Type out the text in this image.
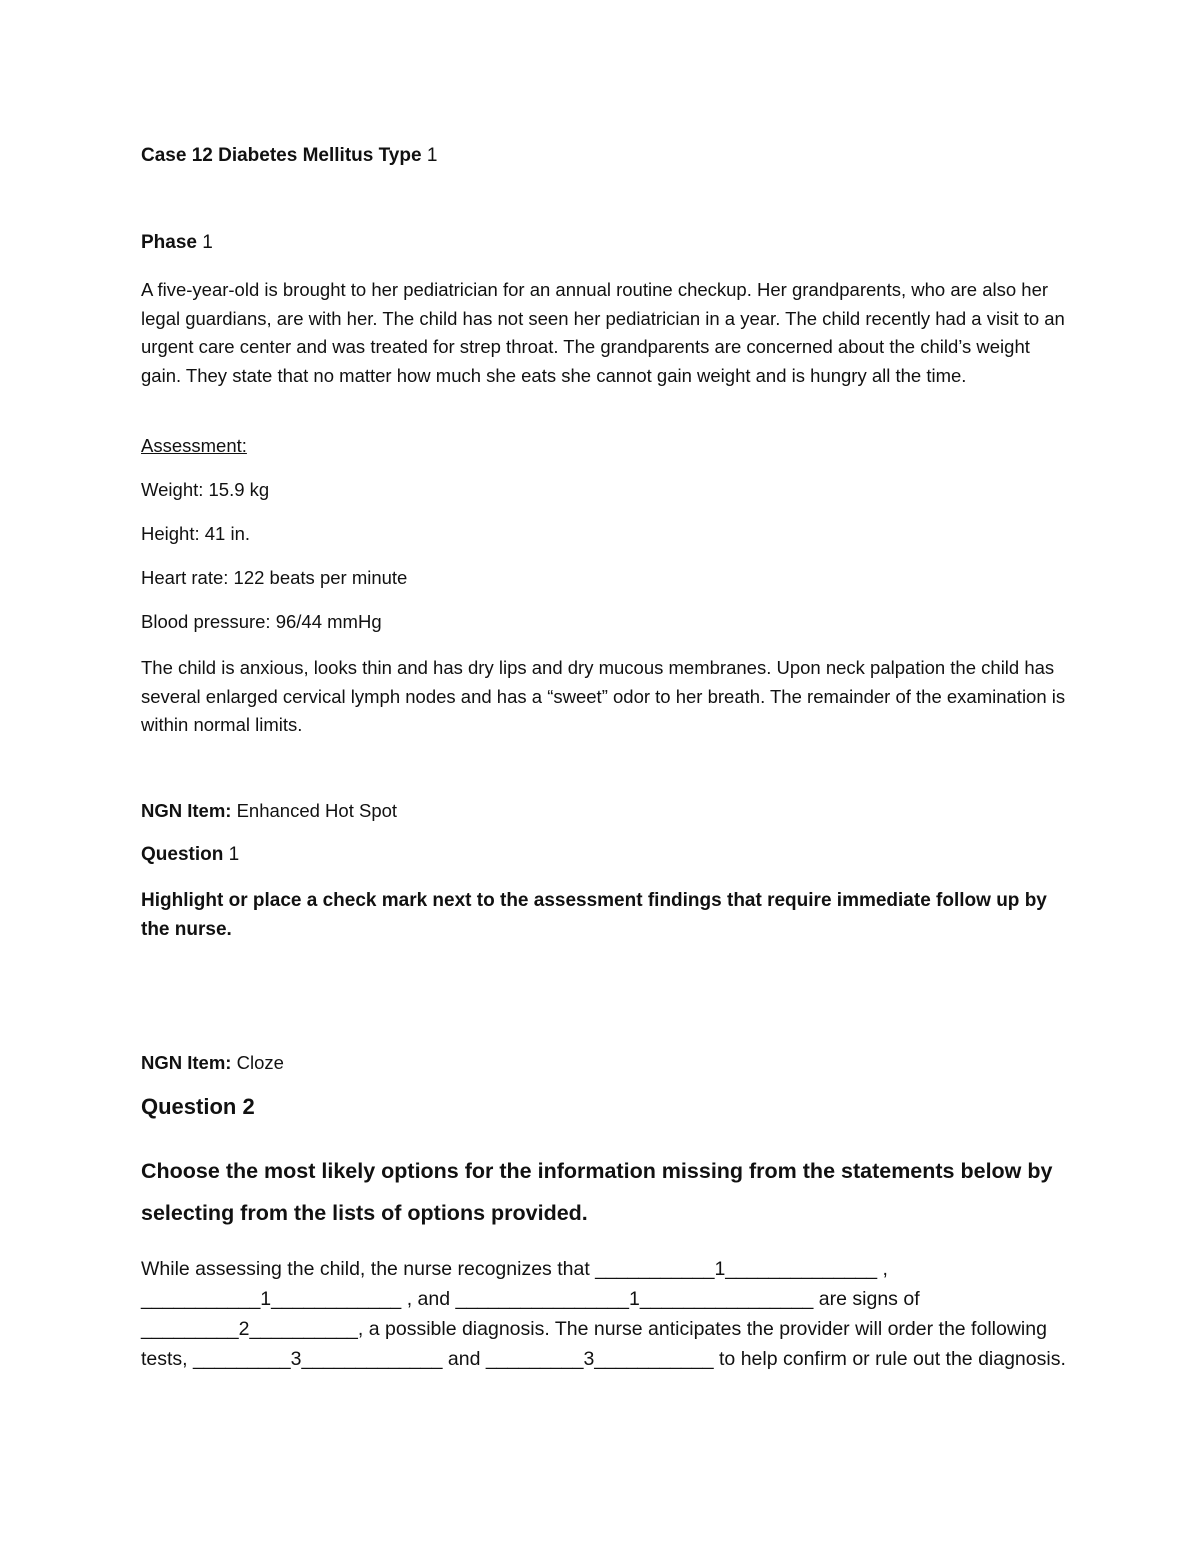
Case 12 Diabetes Mellitus Type 1

Phase 1

A five-year-old is brought to her pediatrician for an annual routine checkup. Her grandparents, who are also her legal guardians, are with her. The child has not seen her pediatrician in a year. The child recently had a visit to an urgent care center and was treated for strep throat. The grandparents are concerned about the child’s weight gain. They state that no matter how much she eats she cannot gain weight and is hungry all the time.

Assessment:

Weight: 15.9 kg

Height: 41 in.

Heart rate: 122 beats per minute

Blood pressure: 96/44 mmHg

The child is anxious, looks thin and has dry lips and dry mucous membranes. Upon neck palpation the child has several enlarged cervical lymph nodes and has a “sweet” odor to her breath. The remainder of the examination is within normal limits.

NGN Item: Enhanced Hot Spot

Question 1

Highlight or place a check mark next to the assessment findings that require immediate follow up by the nurse.

NGN Item: Cloze

Question 2

Choose the most likely options for the information missing from the statements below by selecting from the lists of options provided.

While assessing the child, the nurse recognizes that ___________1______________ ,
___________1____________ , and ________________1________________ are signs of
_________2__________, a possible diagnosis. The nurse anticipates the provider will order the following tests, _________3_____________ and _________3___________ to help confirm or rule out the diagnosis.
